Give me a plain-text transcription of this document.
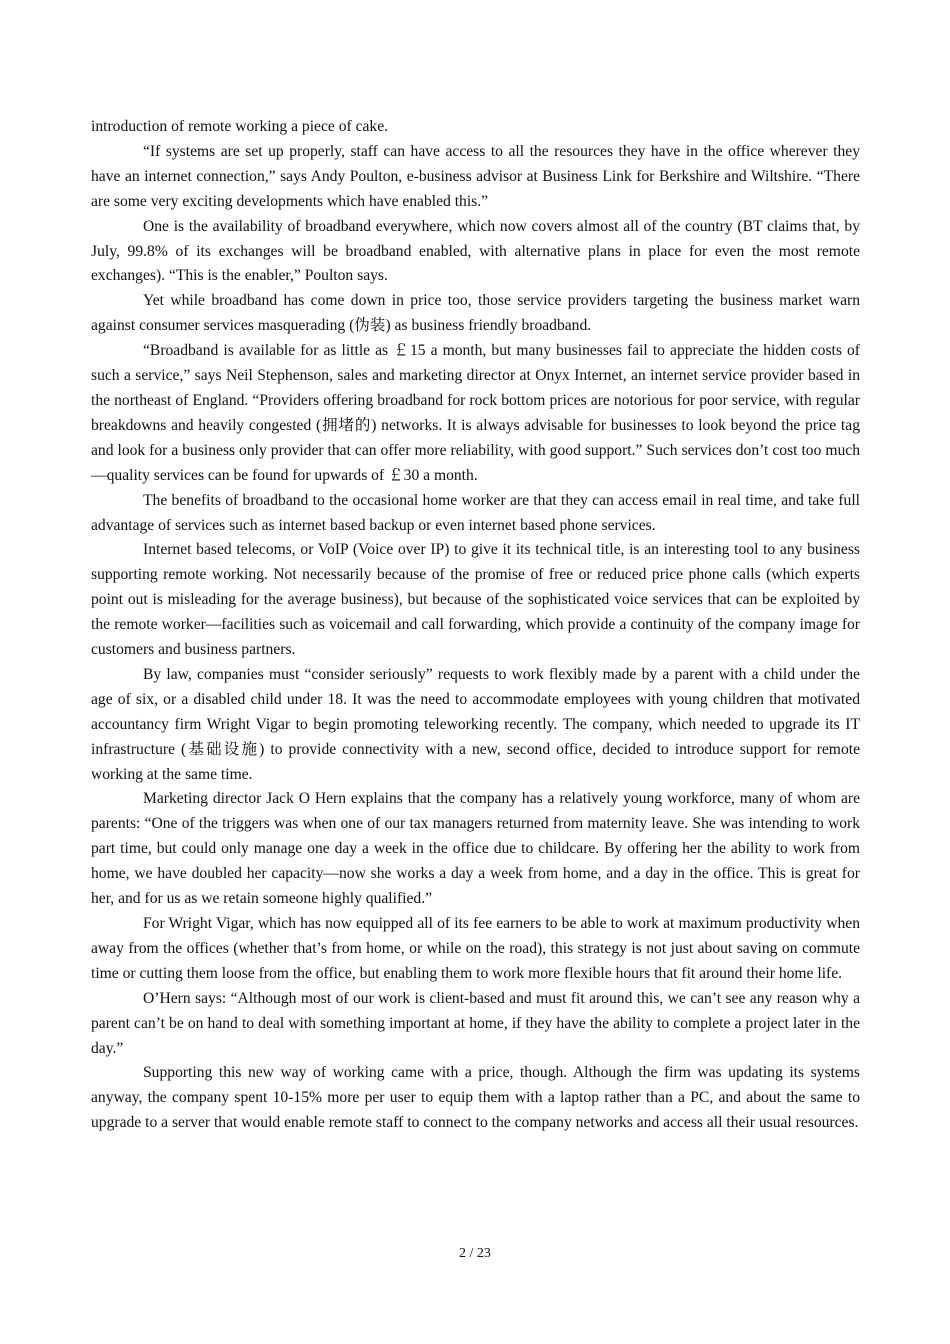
introduction of remote working a piece of cake.

“If systems are set up properly, staff can have access to all the resources they have in the office wherever they have an internet connection,” says Andy Poulton, e-business advisor at Business Link for Berkshire and Wiltshire. “There are some very exciting developments which have enabled this.”

One is the availability of broadband everywhere, which now covers almost all of the country (BT claims that, by July, 99.8% of its exchanges will be broadband enabled, with alternative plans in place for even the most remote exchanges). “This is the enabler,” Poulton says.

Yet while broadband has come down in price too, those service providers targeting the business market warn against consumer services masquerading (伪装) as business friendly broadband.

“Broadband is available for as little as ￡15 a month, but many businesses fail to appreciate the hidden costs of such a service,” says Neil Stephenson, sales and marketing director at Onyx Internet, an internet service provider based in the northeast of England. “Providers offering broadband for rock bottom prices are notorious for poor service, with regular breakdowns and heavily congested (拥堵的) networks. It is always advisable for businesses to look beyond the price tag and look for a business only provider that can offer more reliability, with good support.” Such services don’t cost too much—quality services can be found for upwards of ￡30 a month.

The benefits of broadband to the occasional home worker are that they can access email in real time, and take full advantage of services such as internet based backup or even internet based phone services.

Internet based telecoms, or VoIP (Voice over IP) to give it its technical title, is an interesting tool to any business supporting remote working. Not necessarily because of the promise of free or reduced price phone calls (which experts point out is misleading for the average business), but because of the sophisticated voice services that can be exploited by the remote worker—facilities such as voicemail and call forwarding, which provide a continuity of the company image for customers and business partners.

By law, companies must “consider seriously” requests to work flexibly made by a parent with a child under the age of six, or a disabled child under 18. It was the need to accommodate employees with young children that motivated accountancy firm Wright Vigar to begin promoting teleworking recently. The company, which needed to upgrade its IT infrastructure (基础设施) to provide connectivity with a new, second office, decided to introduce support for remote working at the same time.

Marketing director Jack O Hern explains that the company has a relatively young workforce, many of whom are parents: “One of the triggers was when one of our tax managers returned from maternity leave. She was intending to work part time, but could only manage one day a week in the office due to childcare. By offering her the ability to work from home, we have doubled her capacity—now she works a day a week from home, and a day in the office. This is great for her, and for us as we retain someone highly qualified.”

For Wright Vigar, which has now equipped all of its fee earners to be able to work at maximum productivity when away from the offices (whether that’s from home, or while on the road), this strategy is not just about saving on commute time or cutting them loose from the office, but enabling them to work more flexible hours that fit around their home life.

O’Hern says: “Although most of our work is client-based and must fit around this, we can’t see any reason why a parent can’t be on hand to deal with something important at home, if they have the ability to complete a project later in the day.”

Supporting this new way of working came with a price, though. Although the firm was updating its systems anyway, the company spent 10-15% more per user to equip them with a laptop rather than a PC, and about the same to upgrade to a server that would enable remote staff to connect to the company networks and access all their usual resources.

2 / 23
